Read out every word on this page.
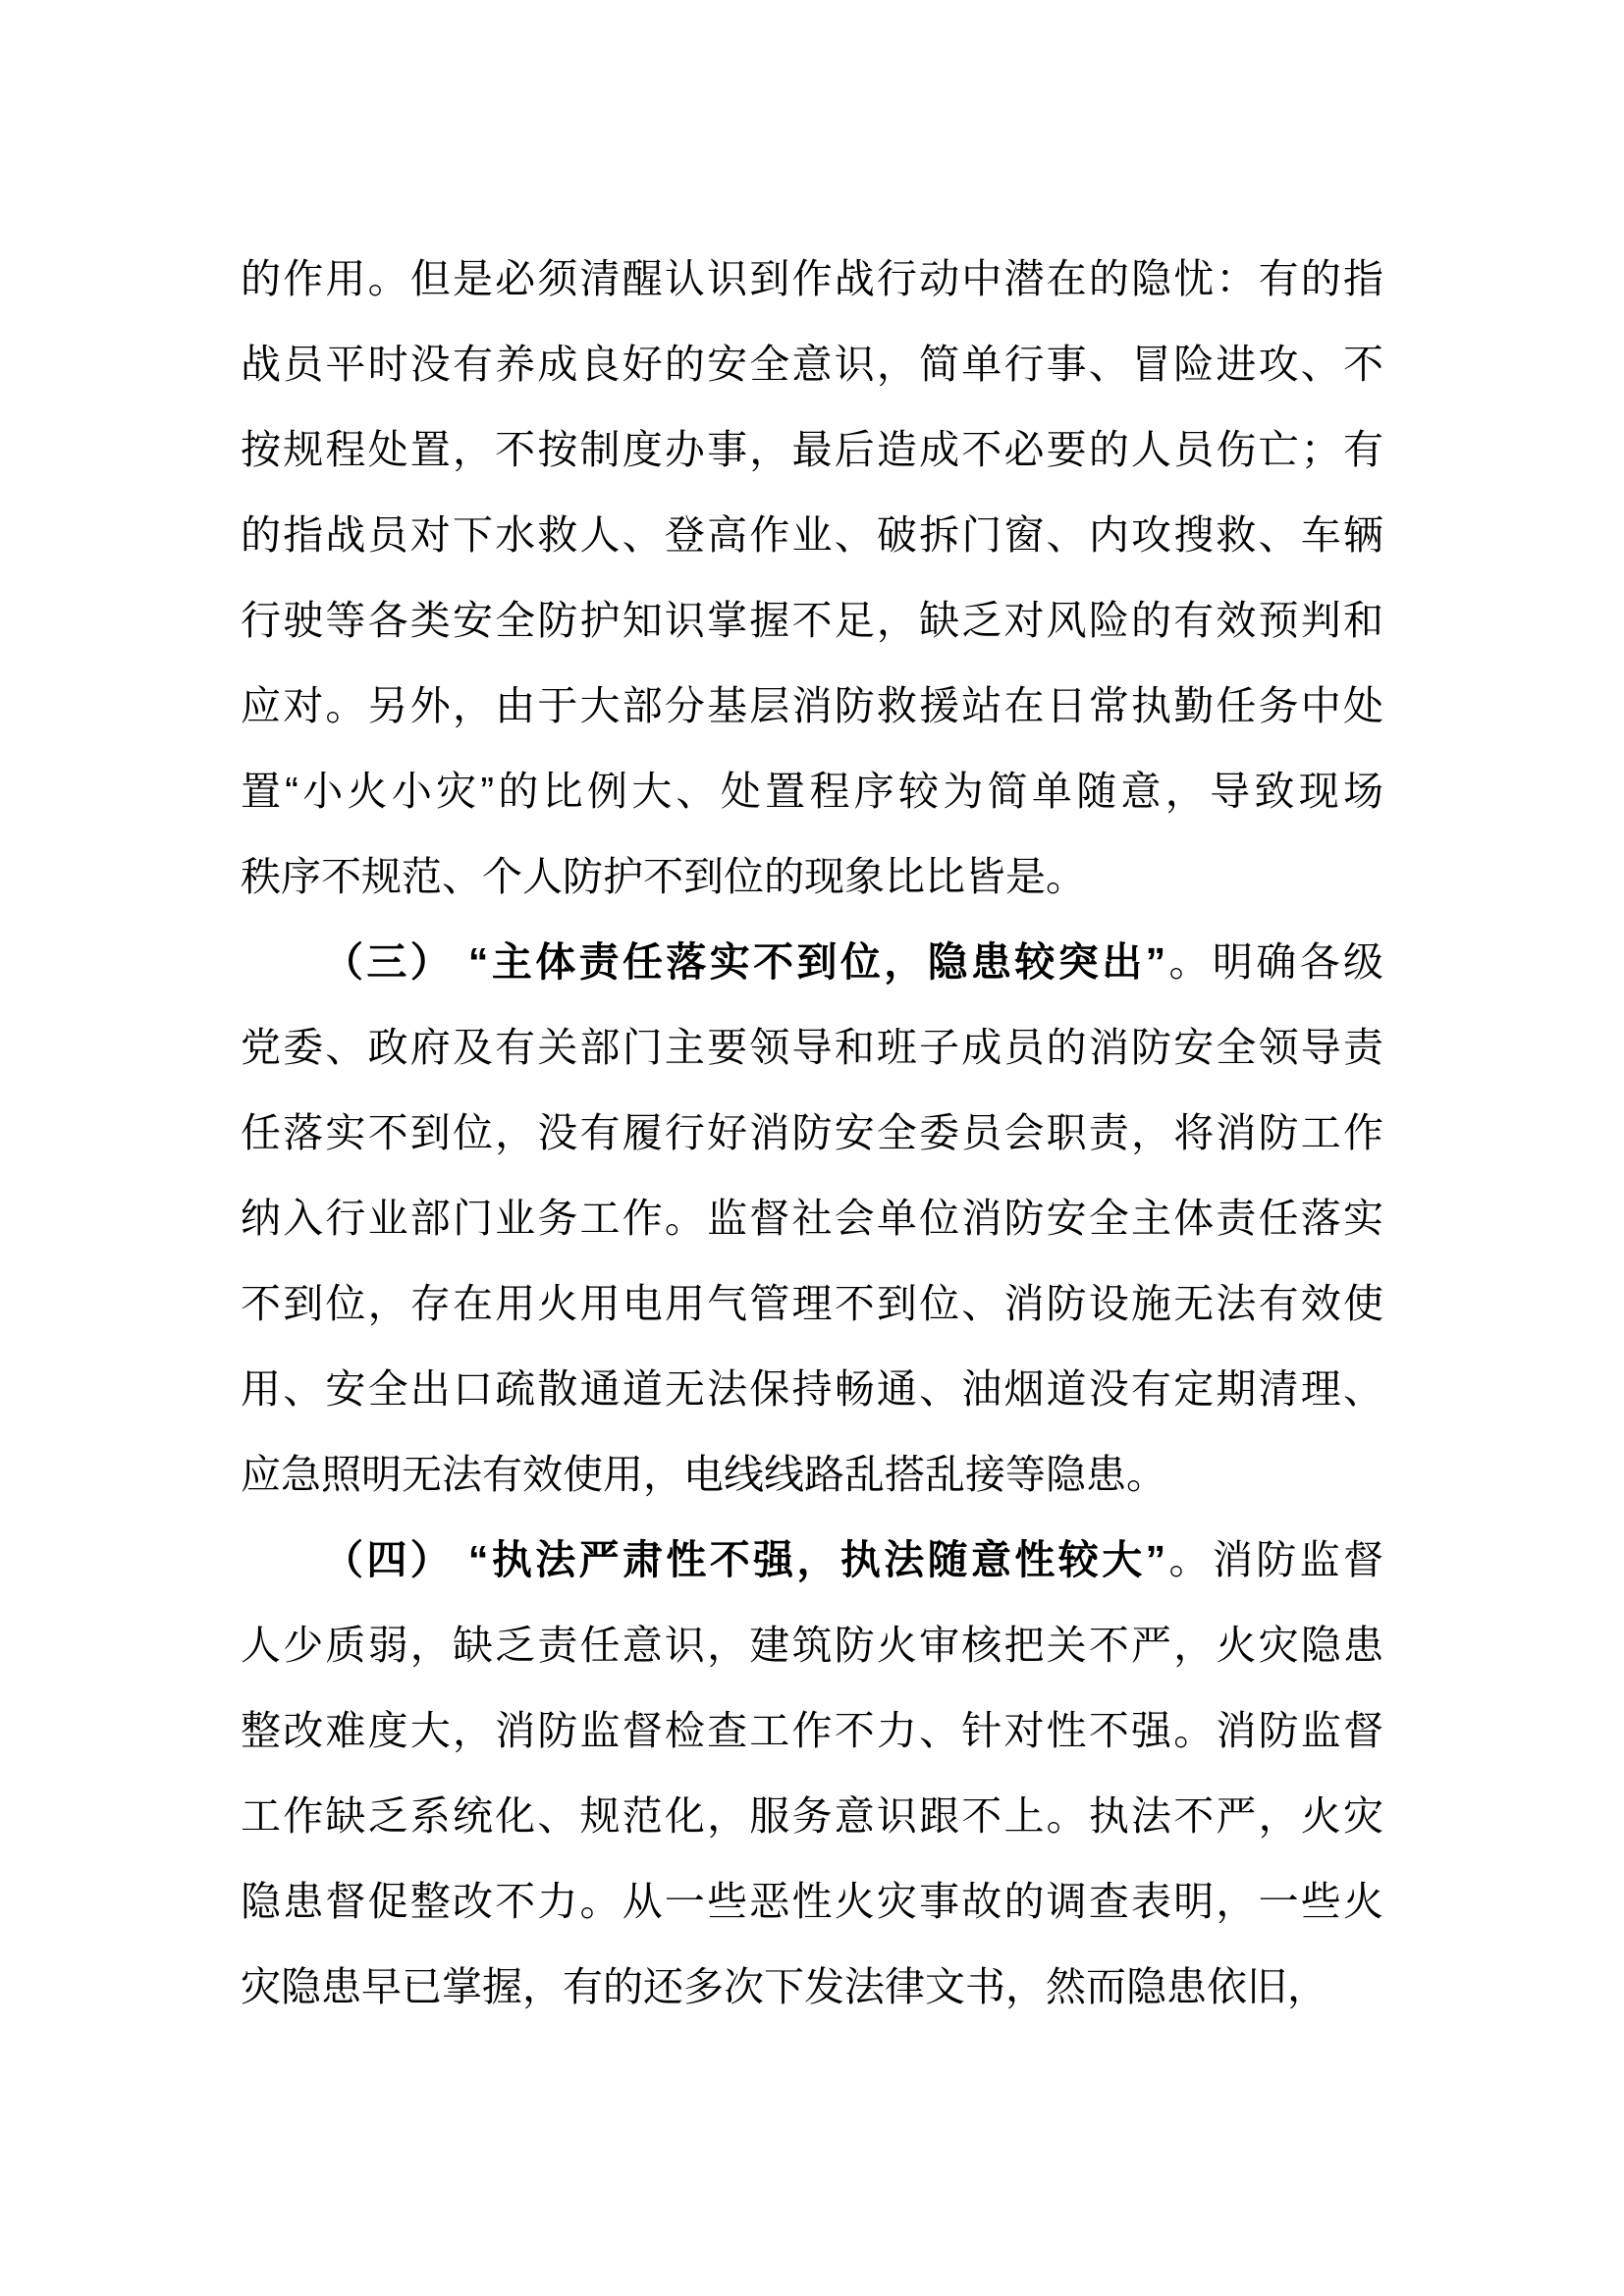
的作用。但是必须清醒认识到作战行动中潜在的隐忧：有的指
战员平时没有养成良好的安全意识，简单行事、冒险进攻、不
按规程处置，不按制度办事，最后造成不必要的人员伤亡；有
的指战员对下水救人、登高作业、破拆门窗、内攻搜救、车辆
行驶等各类安全防护知识掌握不足，缺乏对风险的有效预判和
应对。另外，由于大部分基层消防救援站在日常执勤任务中处
置“小火小灾”的比例大、处置程序较为简单随意，导致现场
秩序不规范、个人防护不到位的现象比比皆是。
（三） “主体责任落实不到位，隐患较突出”。明确各级
党委、政府及有关部门主要领导和班子成员的消防安全领导责
任落实不到位，没有履行好消防安全委员会职责，将消防工作
纳入行业部门业务工作。监督社会单位消防安全主体责任落实
不到位，存在用火用电用气管理不到位、消防设施无法有效使
用、安全出口疏散通道无法保持畅通、油烟道没有定期清理、
应急照明无法有效使用，电线线路乱搭乱接等隐患。
（四） “执法严肃性不强，执法随意性较大”。消防监督
人少质弱，缺乏责任意识，建筑防火审核把关不严，火灾隐患
整改难度大，消防监督检查工作不力、针对性不强。消防监督
工作缺乏系统化、规范化，服务意识跟不上。执法不严，火灾
隐患督促整改不力。从一些恶性火灾事故的调查表明，一些火
灾隐患早已掌握，有的还多次下发法律文书，然而隐患依旧，
